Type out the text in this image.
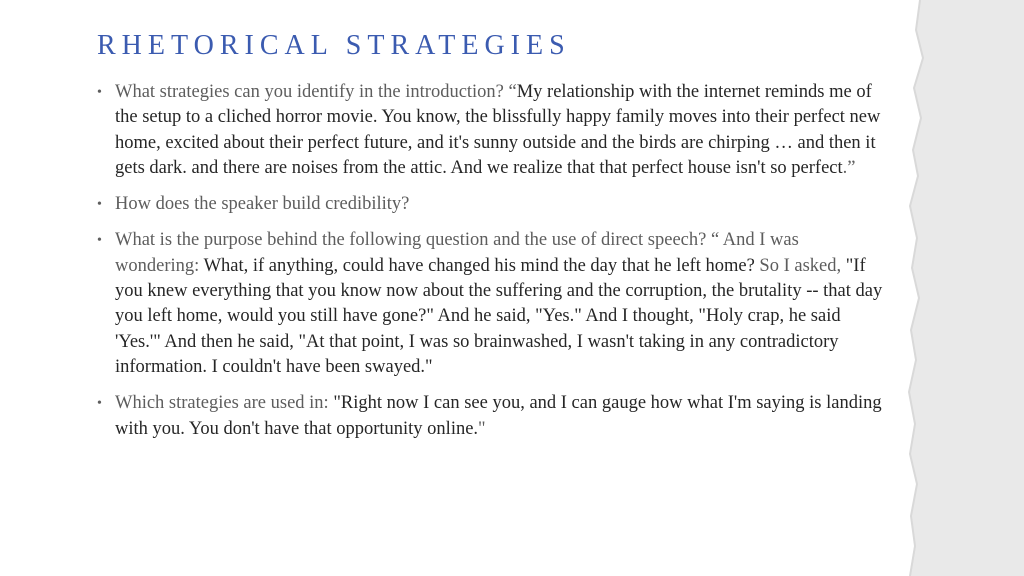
RHETORICAL STRATEGIES
• What strategies can you identify in the introduction? “My relationship with the internet reminds me of the setup to a cliched horror movie. You know, the blissfully happy family moves into their perfect new home, excited about their perfect future, and it's sunny outside and the birds are chirping … and then it gets dark. and there are noises from the attic. And we realize that that perfect house isn't so perfect.”
• How does the speaker build credibility?
• What is the purpose behind the following question and the use of direct speech? “ And I was wondering: What, if anything, could have changed his mind the day that he left home? So I asked, "If you knew everything that you know now about the suffering and the corruption, the brutality -- that day you left home, would you still have gone?" And he said, "Yes." And I thought, "Holy crap, he said 'Yes.'" And then he said, "At that point, I was so brainwashed, I wasn't taking in any contradictory information. I couldn't have been swayed."
• Which strategies are used in: "Right now I can see you, and I can gauge how what I'm saying is landing with you. You don't have that opportunity online."
